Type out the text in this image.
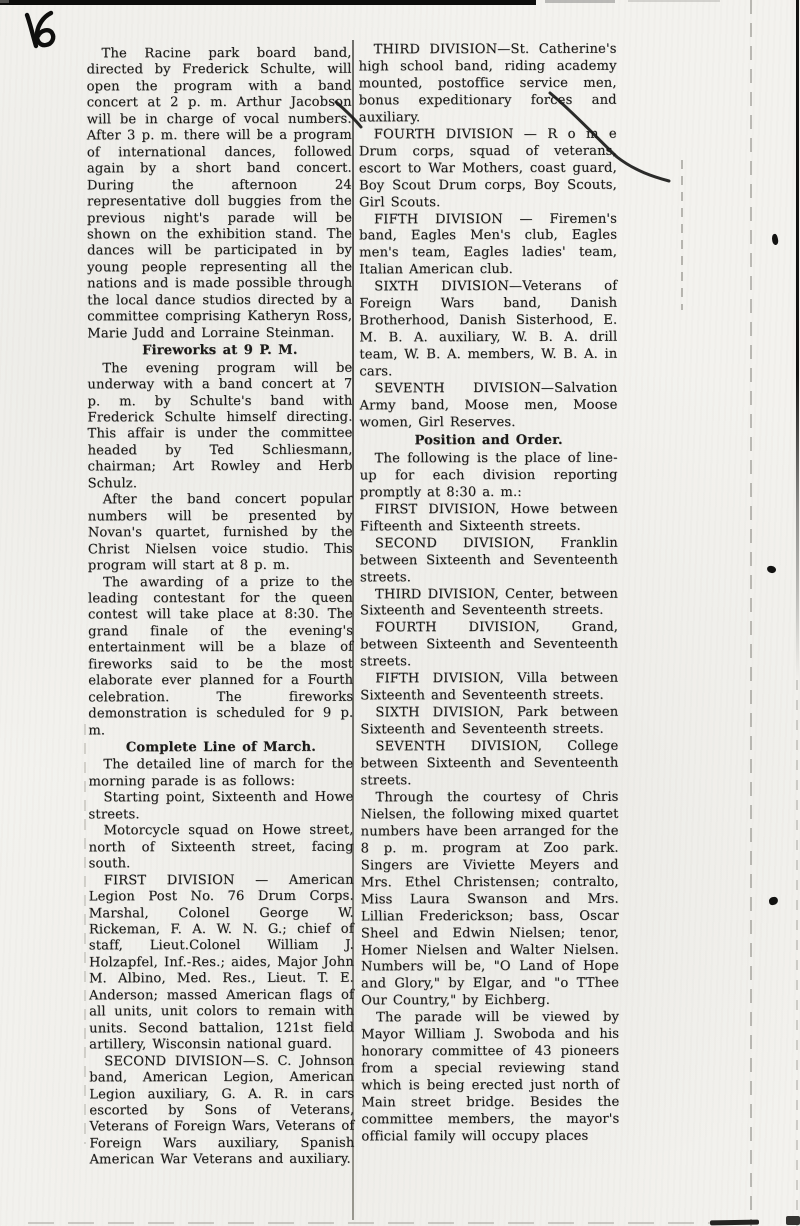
The Racine park board band, directed by Frederick Schulte, will open the program with a band concert at 2 p. m. Arthur Jacobson will be in charge of vocal numbers. After 3 p. m. there will be a program of international dances, followed again by a short band concert. During the afternoon 24 representative doll buggies from the previous night's parade will be shown on the exhibition stand. The dances will be participated in by young people representing all the nations and is made possible through the local dance studios directed by a committee comprising Katheryn Ross, Marie Judd and Lorraine Steinman.

Fireworks at 9 P. M.

The evening program will be underway with a band concert at 7 p. m. by Schulte's band with Frederick Schulte himself directing. This affair is under the committee headed by Ted Schliesmann, chairman; Art Rowley and Herb Schulz.

After the band concert popular numbers will be presented by Novan's quartet, furnished by the Christ Nielsen voice studio. This program will start at 8 p. m.

The awarding of a prize to the leading contestant for the queen contest will take place at 8:30. The grand finale of the evening's entertainment will be a blaze of fireworks said to be the most elaborate ever planned for a Fourth celebration. The fireworks demonstration is scheduled for 9 p. m.

Complete Line of March.

The detailed line of march for the morning parade is as follows:

Starting point, Sixteenth and Howe streets.

Motorcycle squad on Howe street, north of Sixteenth street, facing south.

FIRST DIVISION — American Legion Post No. 76 Drum Corps. Marshal, Colonel George W. Rickeman, F. A. W. N. G.; chief of staff, Lieut.Colonel William J. Holzapfel, Inf.-Res.; aides, Major John M. Albino, Med. Res., Lieut. T. E. Anderson; massed American flags of all units, unit colors to remain with units. Second battalion, 121st field artillery, Wisconsin national guard.

SECOND DIVISION—S. C. Johnson band, American Legion, American Legion auxiliary, G. A. R. in cars escorted by Sons of Veterans, Veterans of Foreign Wars, Veterans of Foreign Wars auxiliary, Spanish American War Veterans and auxiliary.

THIRD DIVISION—St. Catherine's high school band, riding academy mounted, postoffice service men, bonus expeditionary forces and auxiliary.

FOURTH DIVISION — R o m e Drum corps, squad of veterans, escort to War Mothers, coast guard, Boy Scout Drum corps, Boy Scouts, Girl Scouts.

FIFTH DIVISION — Firemen's band, Eagles Men's club, Eagles men's team, Eagles ladies' team, Italian American club.

SIXTH DIVISION—Veterans of Foreign Wars band, Danish Brotherhood, Danish Sisterhood, E. M. B. A. auxiliary, W. B. A. drill team, W. B. A. members, W. B. A. in cars.

SEVENTH DIVISION—Salvation Army band, Moose men, Moose women, Girl Reserves.

Position and Order.

The following is the place of line-up for each division reporting promptly at 8:30 a. m.:

FIRST DIVISION, Howe between Fifteenth and Sixteenth streets.

SECOND DIVISION, Franklin between Sixteenth and Seventeenth streets.

THIRD DIVISION, Center, between Sixteenth and Seventeenth streets.

FOURTH DIVISION, Grand, between Sixteenth and Seventeenth streets.

FIFTH DIVISION, Villa between Sixteenth and Seventeenth streets.

SIXTH DIVISION, Park between Sixteenth and Seventeenth streets.

SEVENTH DIVISION, College between Sixteenth and Seventeenth streets.

Through the courtesy of Chris Nielsen, the following mixed quartet numbers have been arranged for the 8 p. m. program at Zoo park. Singers are Viviette Meyers and Mrs. Ethel Christensen; contralto, Miss Laura Swanson and Mrs. Lillian Frederickson; bass, Oscar Sheel and Edwin Nielsen; tenor, Homer Nielsen and Walter Nielsen. Numbers will be, "O Land of Hope and Glory," by Elgar, and "o TThee Our Country," by Eichberg.

The parade will be viewed by Mayor William J. Swoboda and his honorary committee of 43 pioneers from a special reviewing stand which is being erected just north of Main street bridge. Besides the committee members, the mayor's official family will occupy places
